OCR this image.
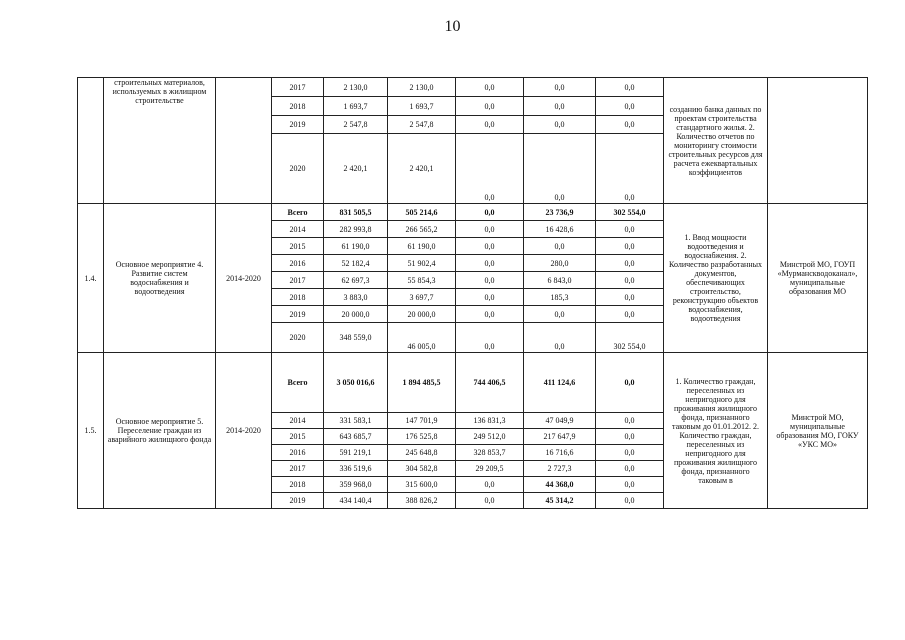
10
	строительных материалов, используемых в жилищном строительстве		2017	2 130,0	2 130,0	0,0	0,0	0,0	созданию банка данных по проектам строительства стандартного жилья. 2. Количество отчетов по мониторингу стоимости строительных ресурсов для расчета ежеквартальных коэффициентов	
			2018	1 693,7	1 693,7	0,0	0,0	0,0		
			2019	2 547,8	2 547,8	0,0	0,0	0,0		
			2020	2 420,1	2 420,1	0,0	0,0	0,0		
1.4.	Основное мероприятие 4. Развитие систем водоснабжения и водоотведения	2014-2020	Всего	831 505,5	505 214,6	0,0	23 736,9	302 554,0	1. Ввод мощности водоотведения и водоснабжения. 2. Количество разработанных документов, обеспечивающих строительство, реконструкцию объектов водоснабжения, водоотведения	Минстрой МО, ГОУП «Мурманскводоканал», муниципальные образования МО
			2014	282 993,8	266 565,2	0,0	16 428,6	0,0		
			2015	61 190,0	61 190,0	0,0	0,0	0,0		
			2016	52 182,4	51 902,4	0,0	280,0	0,0		
			2017	62 697,3	55 854,3	0,0	6 843,0	0,0		
			2018	3 883,0	3 697,7	0,0	185,3	0,0		
			2019	20 000,0	20 000,0	0,0	0,0	0,0		
			2020	348 559,0	46 005,0	0,0	0,0	302 554,0		
1.5.	Основное мероприятие 5. Переселение граждан из аварийного жилищного фонда	2014-2020	Всего	3 050 016,6	1 894 485,5	744 406,5	411 124,6	0,0	1. Количество граждан, переселенных из непригодного для проживания жилищного фонда, признанного таковым до 01.01.2012. 2. Количество граждан, переселенных из непригодного для проживания жилищного фонда, признанного таковым в	Минстрой МО, муниципальные образования МО, ГОКУ «УКС МО»
			2014	331 583,1	147 701,9	136 831,3	47 049,9	0,0		
			2015	643 685,7	176 525,8	249 512,0	217 647,9	0,0		
			2016	591 219,1	245 648,8	328 853,7	16 716,6	0,0		
			2017	336 519,6	304 582,8	29 209,5	2 727,3	0,0		
			2018	359 968,0	315 600,0	0,0	44 368,0	0,0		
			2019	434 140,4	388 826,2	0,0	45 314,2	0,0		
